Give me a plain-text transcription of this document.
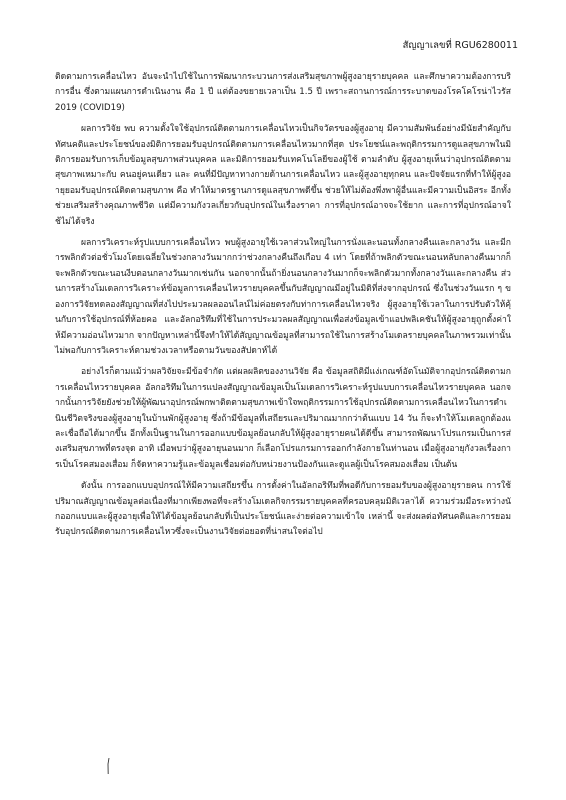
สัญญาเลขที่ RGU6280011

ติดตามการเคลื่อนไหว อันจะนำไปใช้ในการพัฒนากระบวนการส่งเสริมสุขภาพผู้สูงอายุรายบุคคล และศึกษาความต้องการบริการอื่น ซึ่งตามแผนการดำเนินงาน คือ 1 ปี แต่ต้องขยายเวลาเป็น 1.5 ปี เพราะสถานการณ์การระบาดของโรคโคโรน่าไวรัส 2019 (COVID19)

ผลการวิจัย พบ ความตั้งใจใช้อุปกรณ์ติดตามการเคลื่อนไหวเป็นกิจวัตรของผู้สูงอายุ มีความสัมพันธ์อย่างมีนัยสำคัญกับทัศนคติและประโยชน์ของมิติการยอมรับอุปกรณ์ติดตามการเคลื่อนไหวมากที่สุด ประโยชน์และพฤติกรรมการดูแลสุขภาพในมิติการยอมรับการเก็บข้อมูลสุขภาพส่วนบุคคล และมิติการยอมรับเทคโนโลยีของผู้ใช้ ตามลำดับ ผู้สูงอายุเห็นว่าอุปกรณ์ติดตามสุขภาพเหมาะกับ คนอยู่คนเดียว และ คนที่มีปัญหาทางกายด้านการเคลื่อนไหว และผู้สูงอายุทุกคน และปัจจัยแรกที่ทำให้ผู้สูงอายุยอมรับอุปกรณ์ติดตามสุขภาพ คือ ทำให้มาตรฐานการดูแลสุขภาพดีขึ้น ช่วยให้ไม่ต้องพึ่งพาผู้อื่นและมีความเป็นอิสระ อีกทั้งช่วยเสริมสร้างคุณภาพชีวิต แต่มีความกังวลเกี่ยวกับอุปกรณ์ในเรื่องราคา การที่อุปกรณ์อาจจะใช้ยาก และการที่อุปกรณ์อาจใช้ไม่ได้จริง

ผลการวิเคราะห์รูปแบบการเคลื่อนไหว พบผู้สูงอายุใช้เวลาส่วนใหญ่ในการนั่งและนอนทั้งกลางคืนและกลางวัน และมีการพลิกตัวต่อชั่วโมงโดยเฉลี่ยในช่วงกลางวันมากกว่าช่วงกลางคืนถึงเกือบ 4 เท่า โดยที่ถ้าพลิกตัวขณะนอนหลับกลางคืนมากก็จะพลิกตัวขณะนอนงีบตอนกลางวันมากเช่นกัน นอกจากนั้นถ้ายิ่งนอนกลางวันมากก็จะพลิกตัวมากทั้งกลางวันและกลางคืน ส่วนการสร้างโมเดลการวิเคราะห์ข้อมูลการเคลื่อนไหวรายบุคคลขึ้นกับสัญญาณมีอยู่ในมิติที่ส่งจากอุปกรณ์ ซึ่งในช่วงวันแรก ๆ ของการวิจัยทดลองสัญญาณที่ส่งไปประมวลผลออนไลน์ไม่ค่อยตรงกับท่าการเคลื่อนไหวจริง ผู้สูงอายุใช้เวลาในการปรับตัวให้คุ้นกับการใช้อุปกรณ์ที่ห้อยคอ และอัลกอริทึมที่ใช้ในการประมวลผลสัญญาณเพื่อส่งข้อมูลเข้าแอปพลิเคชันให้ผู้สูงอายุถูกตั้งค่าให้มีความอ่อนไหวมาก จากปัญหาเหล่านี้จึงทำให้ได้สัญญาณข้อมูลที่สามารถใช้ในการสร้างโมเดลรายบุคคลในภาพรวมเท่านั้น ไม่พอกับการวิเคราะห์ตามช่วงเวลาหรือตามวันของสัปดาห์ได้

อย่างไรก็ตามแม้ว่าผลวิจัยจะมีข้อจำกัด แต่ผลผลิตของงานวิจัย คือ ข้อมูลสถิติมีแง่เกณฑ์อัตโนมัติจากอุปกรณ์ติดตามการเคลื่อนไหวรายบุคคล อัลกอริทึมในการแปลงสัญญาณข้อมูลเป็นโมเดลการวิเคราะห์รูปแบบการเคลื่อนไหวรายบุคคล นอกจากนั้นการวิจัยยังช่วยให้ผู้พัฒนาอุปกรณ์พกพาติดตามสุขภาพเข้าใจพฤติกรรมการใช้อุปกรณ์ติดตามการเคลื่อนไหวในการดำเนินชีวิตจริงของผู้สูงอายุในบ้านพักผู้สูงอายุ ซึ่งถ้ามีข้อมูลที่เสถียรและปริมาณมากกว่าต้นแบบ 14 วัน ก็จะทำให้โมเดลถูกต้องและเชื่อถือได้มากขึ้น อีกทั้งเป็นฐานในการออกแบบข้อมูลย้อนกลับให้ผู้สูงอายุรายคนได้ดีขึ้น สามารถพัฒนาโปรแกรมเป็นการส่งเสริมสุขภาพที่ตรงจุด อาทิ เมื่อพบว่าผู้สูงอายุนอนมาก ก็เลือกโปรแกรมการออกกำลังกายในท่านอน เมื่อผู้สูงอายุกังวลเรื่องการเป็นโรคสมองเสื่อม ก็จัดหาความรู้และข้อมูลเชื่อมต่อกับหน่วยงานป้องกันและดูแลผู้เป็นโรคสมองเสื่อม เป็นต้น

ดังนั้น การออกแบบอุปกรณ์ให้มีความเสถียรขึ้น การตั้งค่าในอัลกอริทึมที่พอดีกับการยอมรับของผู้สูงอายุรายคน การใช้ปริมาณสัญญาณข้อมูลต่อเนื่องที่มากเพียงพอที่จะสร้างโมเดลกิจกรรมรายบุคคลที่ครอบคลุมมิติเวลาได้ ความร่วมมือระหว่างนักออกแบบและผู้สูงอายุเพื่อให้ได้ข้อมูลย้อนกลับที่เป็นประโยชน์และง่ายต่อความเข้าใจ เหล่านี้ จะส่งผลต่อทัศนคติและการยอมรับอุปกรณ์ติดตามการเคลื่อนไหวซึ่งจะเป็นงานวิจัยต่อยอดที่น่าสนใจต่อไป
